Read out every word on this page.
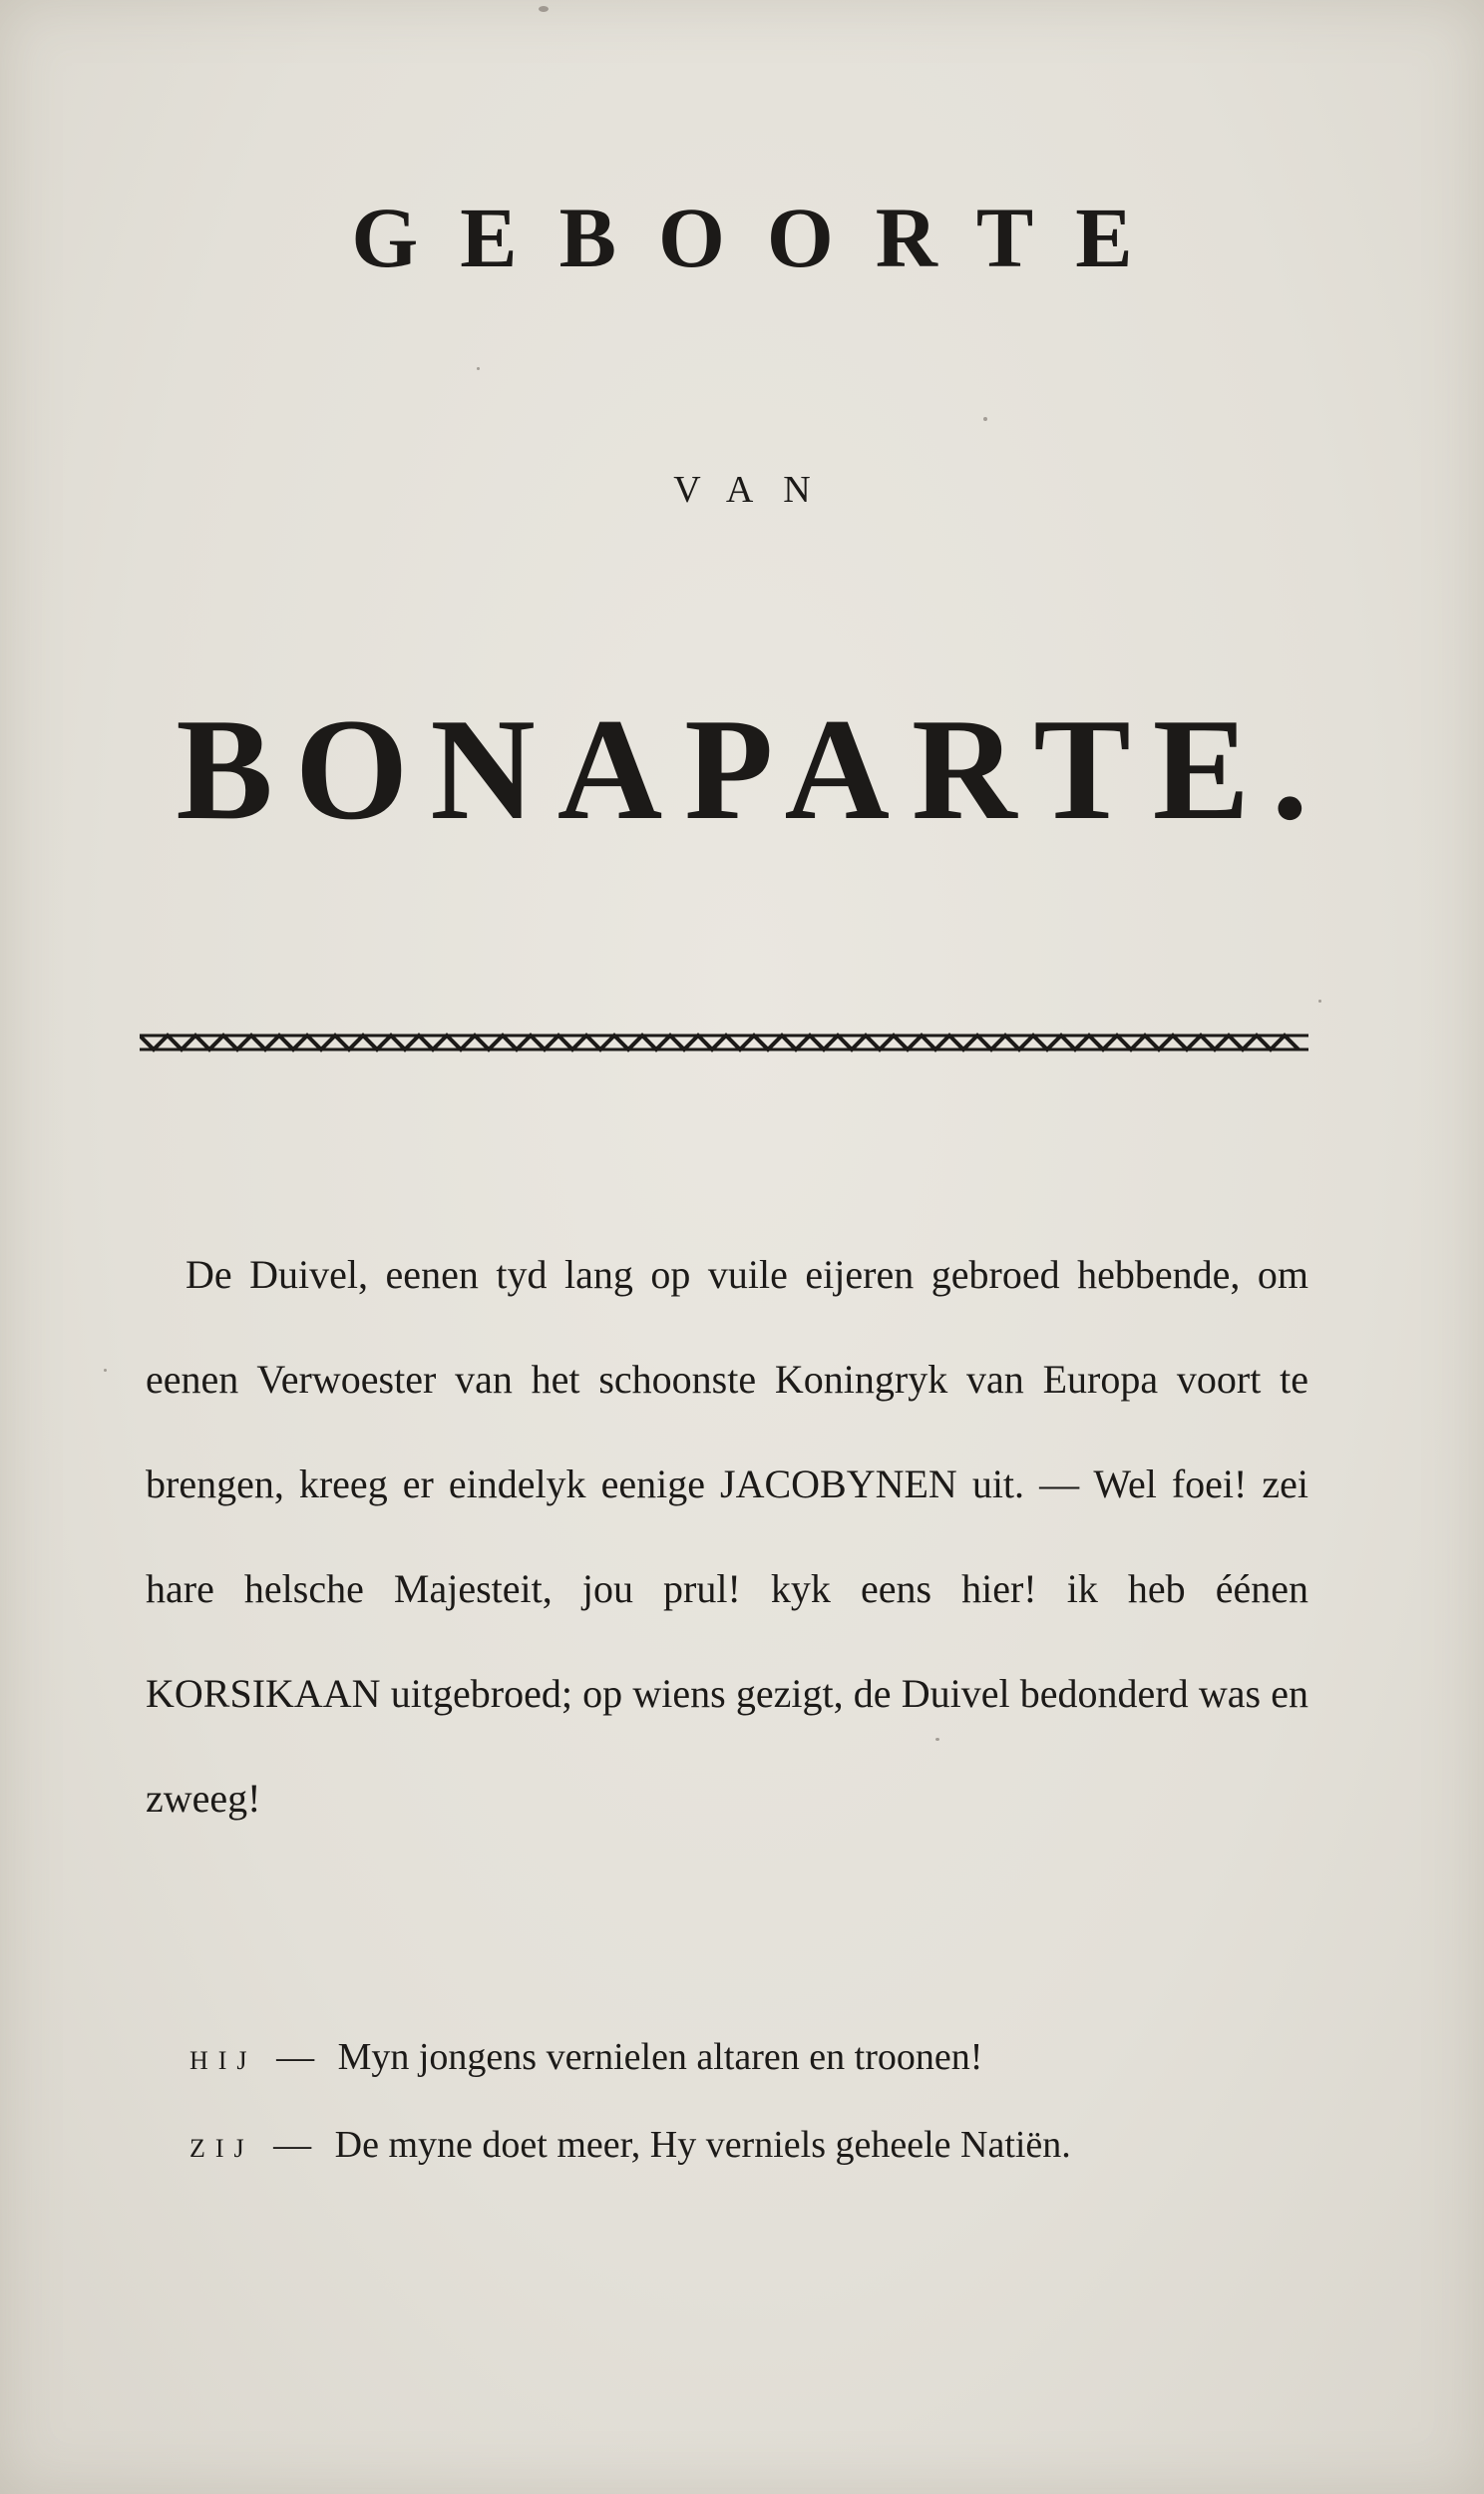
GEBOORTE
VAN
BONAPARTE.

De Duivel, eenen tyd lang op vuile eijeren gebroed hebbende, om eenen Verwoester van het schoonste Koningryk van Europa voort te brengen, kreeg er eindelyk eenige JACOBYNEN uit. — Wel foei! zei hare helsche Majesteit, jou prul! kyk eens hier! ik heb éénen KORSIKAAN uitgebroed; op wiens gezigt, de Duivel bedonderd was en zweeg!

HIJ — Myn jongens vernielen altaren en troonen!
ZIJ — De myne doet meer, Hy verniels geheele Natiën.
